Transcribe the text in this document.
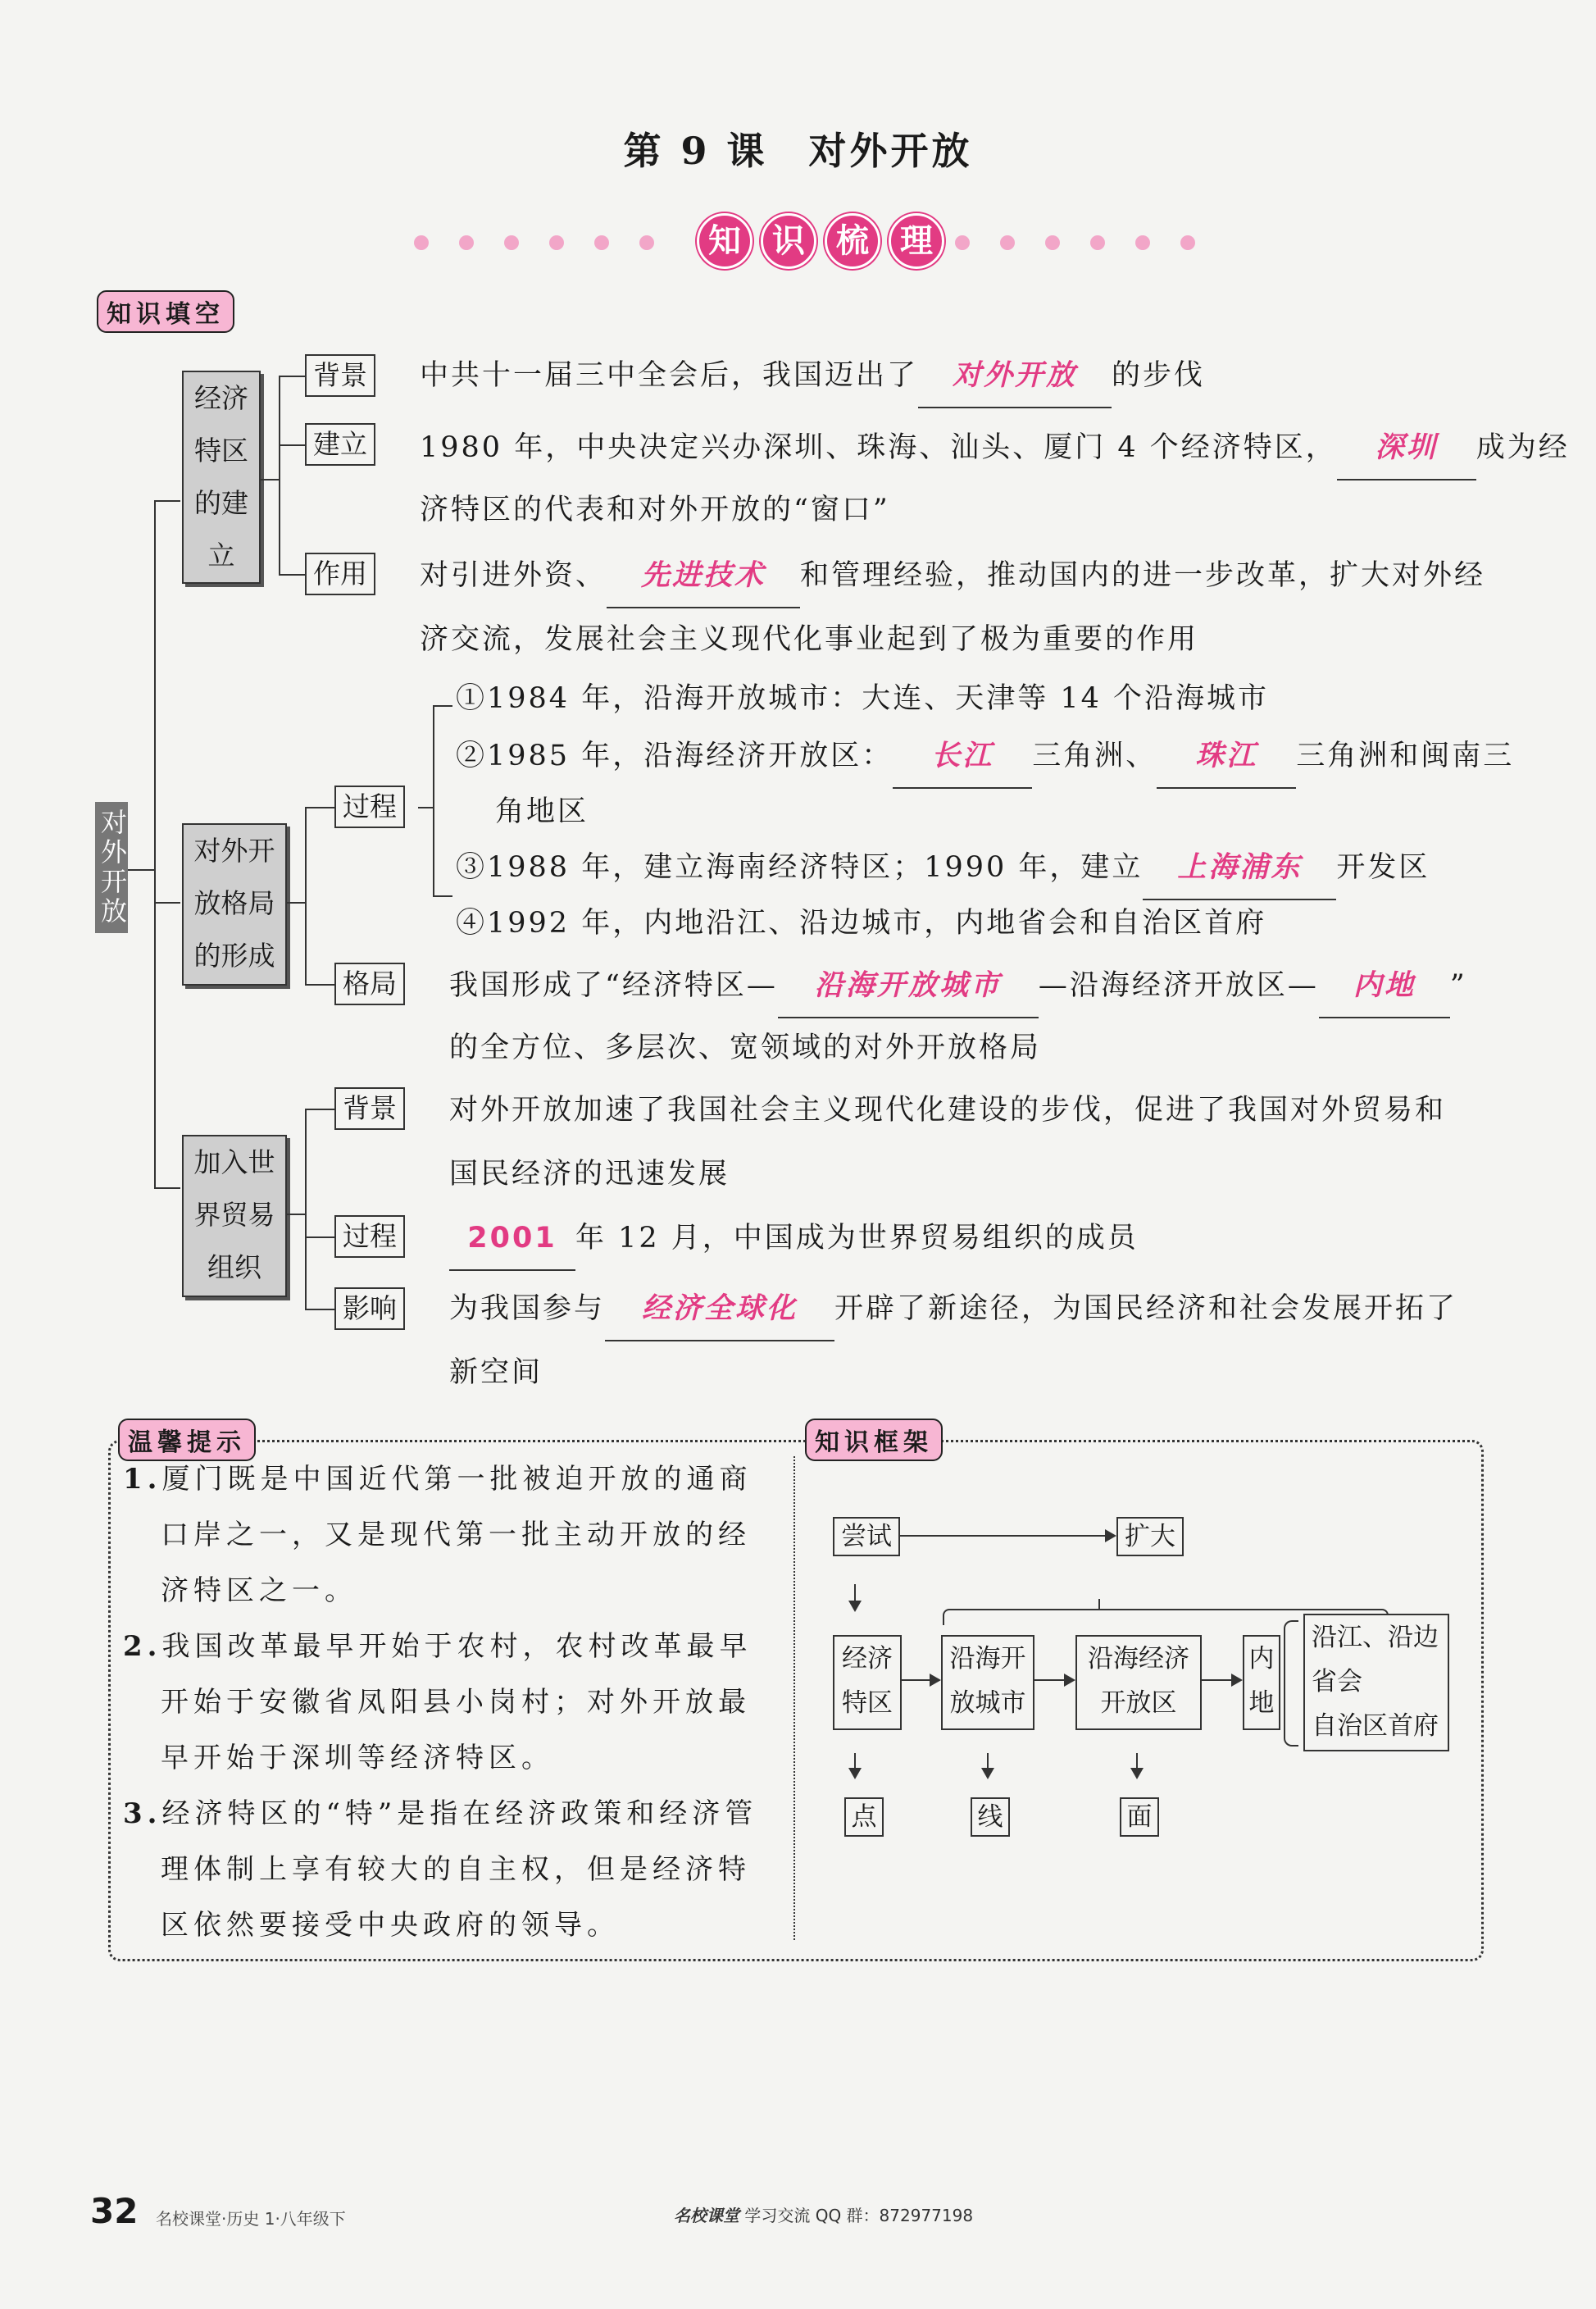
第 9 课　对外开放
知 识 梳 理
知识填空
对外开放
经济特区的建立
背景
建立
作用
中共十一届三中全会后，我国迈出了 对外开放 的步伐
1980 年，中央决定兴办深圳、珠海、汕头、厦门 4 个经济特区， 深圳 成为经
济特区的代表和对外开放的“窗口”
对引进外资、 先进技术 和管理经验，推动国内的进一步改革，扩大对外经
济交流，发展社会主义现代化事业起到了极为重要的作用
对外开放格局的形成
过程
格局
①1984 年，沿海开放城市：大连、天津等 14 个沿海城市
②1985 年，沿海经济开放区： 长江 三角洲、 珠江 三角洲和闽南三
角地区
③1988 年，建立海南经济特区；1990 年，建立 上海浦东 开发区
④1992 年，内地沿江、沿边城市，内地省会和自治区首府
我国形成了“经济特区— 沿海开放城市 —沿海经济开放区— 内地 ”
的全方位、多层次、宽领域的对外开放格局
加入世界贸易组织
背景
过程
影响
对外开放加速了我国社会主义现代化建设的步伐，促进了我国对外贸易和
国民经济的迅速发展
2001 年 12 月，中国成为世界贸易组织的成员
为我国参与 经济全球化 开辟了新途径，为国民经济和社会发展开拓了
新空间
温馨提示	知识框架
1.厦门既是中国近代第一批被迫开放的通商
口岸之一，又是现代第一批主动开放的经
济特区之一。
2.我国改革最早开始于农村，农村改革最早
开始于安徽省凤阳县小岗村；对外开放最
早开始于深圳等经济特区。
3.经济特区的“特”是指在经济政策和经济管
理体制上享有较大的自主权，但是经济特
区依然要接受中央政府的领导。
尝试	扩大
经济
特区
沿海开
放城市
沿海经济
开放区
内
地
沿江、沿边
省会
自治区首府
点	线	面
32 名校课堂·历史 1·八年级下	名校课堂 学习交流 QQ 群：872977198
